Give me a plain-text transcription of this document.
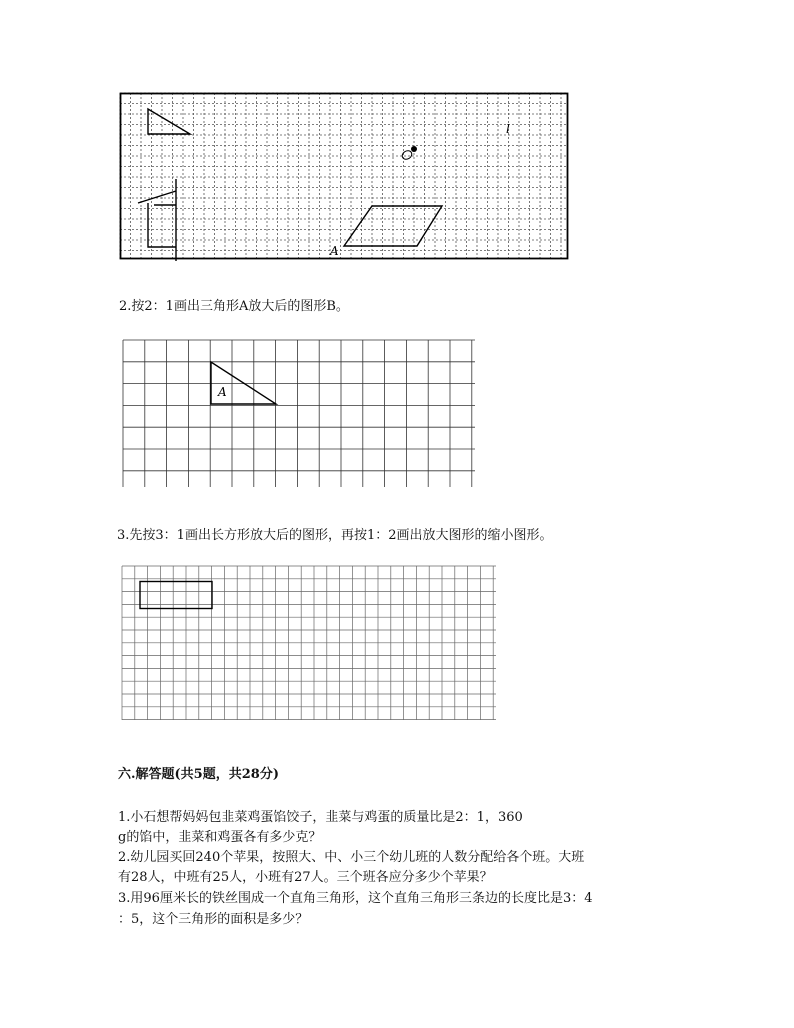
l
A
2.按2：1画出三角形A放大后的图形B。
A
3.先按3：1画出长方形放大后的图形，再按1：2画出放大图形的缩小图形。
六.解答题(共5题，共28分)
1.小石想帮妈妈包韭菜鸡蛋馅饺子，韭菜与鸡蛋的质量比是2：1，360
g的馅中，韭菜和鸡蛋各有多少克？
2.幼儿园买回240个苹果，按照大、中、小三个幼儿班的人数分配给各个班。大班
有28人，中班有25人，小班有27人。三个班各应分多少个苹果？
3.用96厘米长的铁丝围成一个直角三角形，这个直角三角形三条边的长度比是3：4
：5，这个三角形的面积是多少？
